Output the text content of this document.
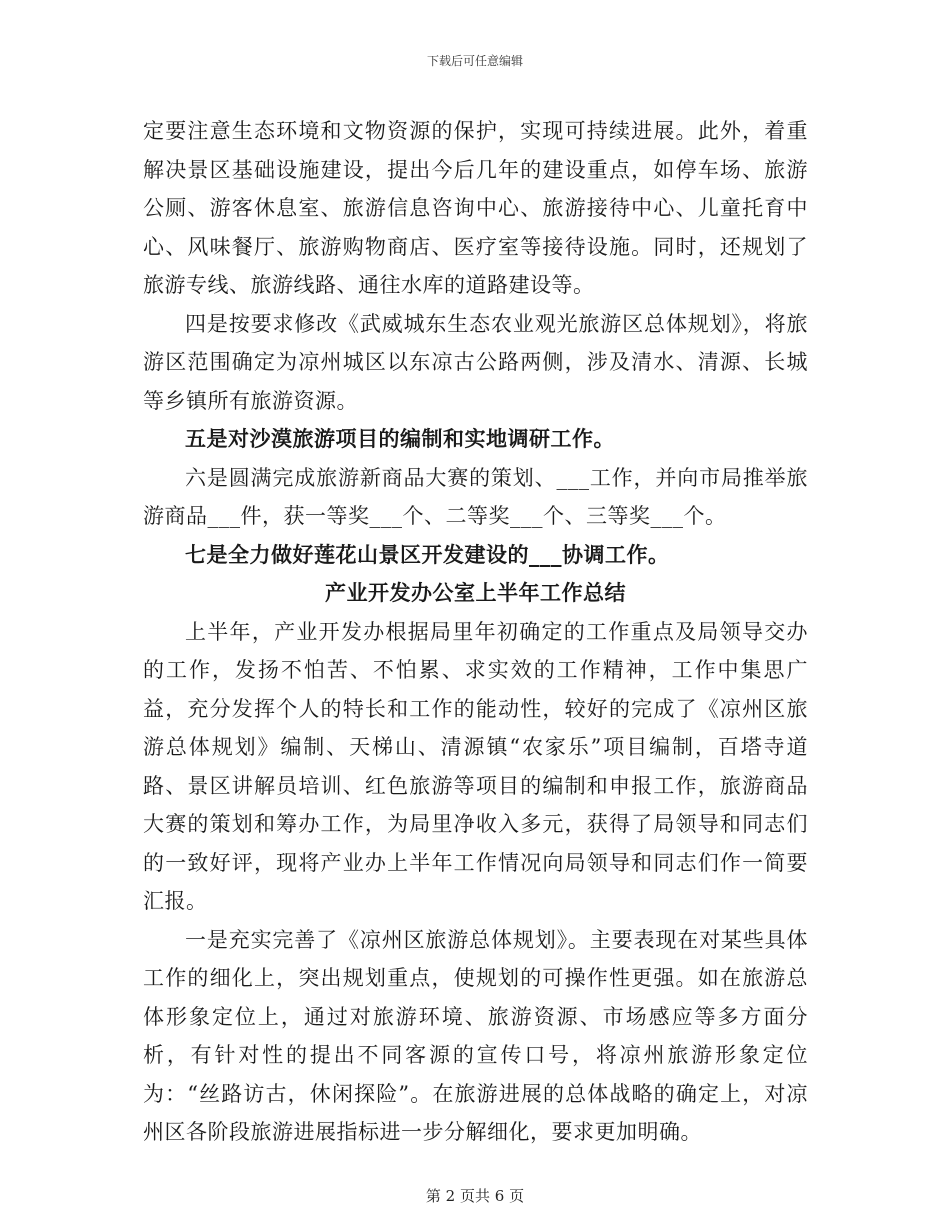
下载后可任意编辑

定要注意生态环境和文物资源的保护，实现可持续进展。此外，着重解决景区基础设施建设，提出今后几年的建设重点，如停车场、旅游公厕、游客休息室、旅游信息咨询中心、旅游接待中心、儿童托育中心、风味餐厅、旅游购物商店、医疗室等接待设施。同时，还规划了旅游专线、旅游线路、通往水库的道路建设等。

四是按要求修改《武威城东生态农业观光旅游区总体规划》，将旅游区范围确定为凉州城区以东凉古公路两侧，涉及清水、清源、长城等乡镇所有旅游资源。

五是对沙漠旅游项目的编制和实地调研工作。

六是圆满完成旅游新商品大赛的策划、___工作，并向市局推举旅游商品___件，获一等奖___个、二等奖___个、三等奖___个。

七是全力做好莲花山景区开发建设的___协调工作。

产业开发办公室上半年工作总结

上半年，产业开发办根据局里年初确定的工作重点及局领导交办的工作，发扬不怕苦、不怕累、求实效的工作精神，工作中集思广益，充分发挥个人的特长和工作的能动性，较好的完成了《凉州区旅游总体规划》编制、天梯山、清源镇“农家乐”项目编制，百塔寺道路、景区讲解员培训、红色旅游等项目的编制和申报工作，旅游商品大赛的策划和筹办工作，为局里净收入多元，获得了局领导和同志们的一致好评，现将产业办上半年工作情况向局领导和同志们作一简要汇报。

一是充实完善了《凉州区旅游总体规划》。主要表现在对某些具体工作的细化上，突出规划重点，使规划的可操作性更强。如在旅游总体形象定位上，通过对旅游环境、旅游资源、市场感应等多方面分析，有针对性的提出不同客源的宣传口号，将凉州旅游形象定位为：“丝路访古，休闲探险”。在旅游进展的总体战略的确定上，对凉州区各阶段旅游进展指标进一步分解细化，要求更加明确。

第 2 页共 6 页
